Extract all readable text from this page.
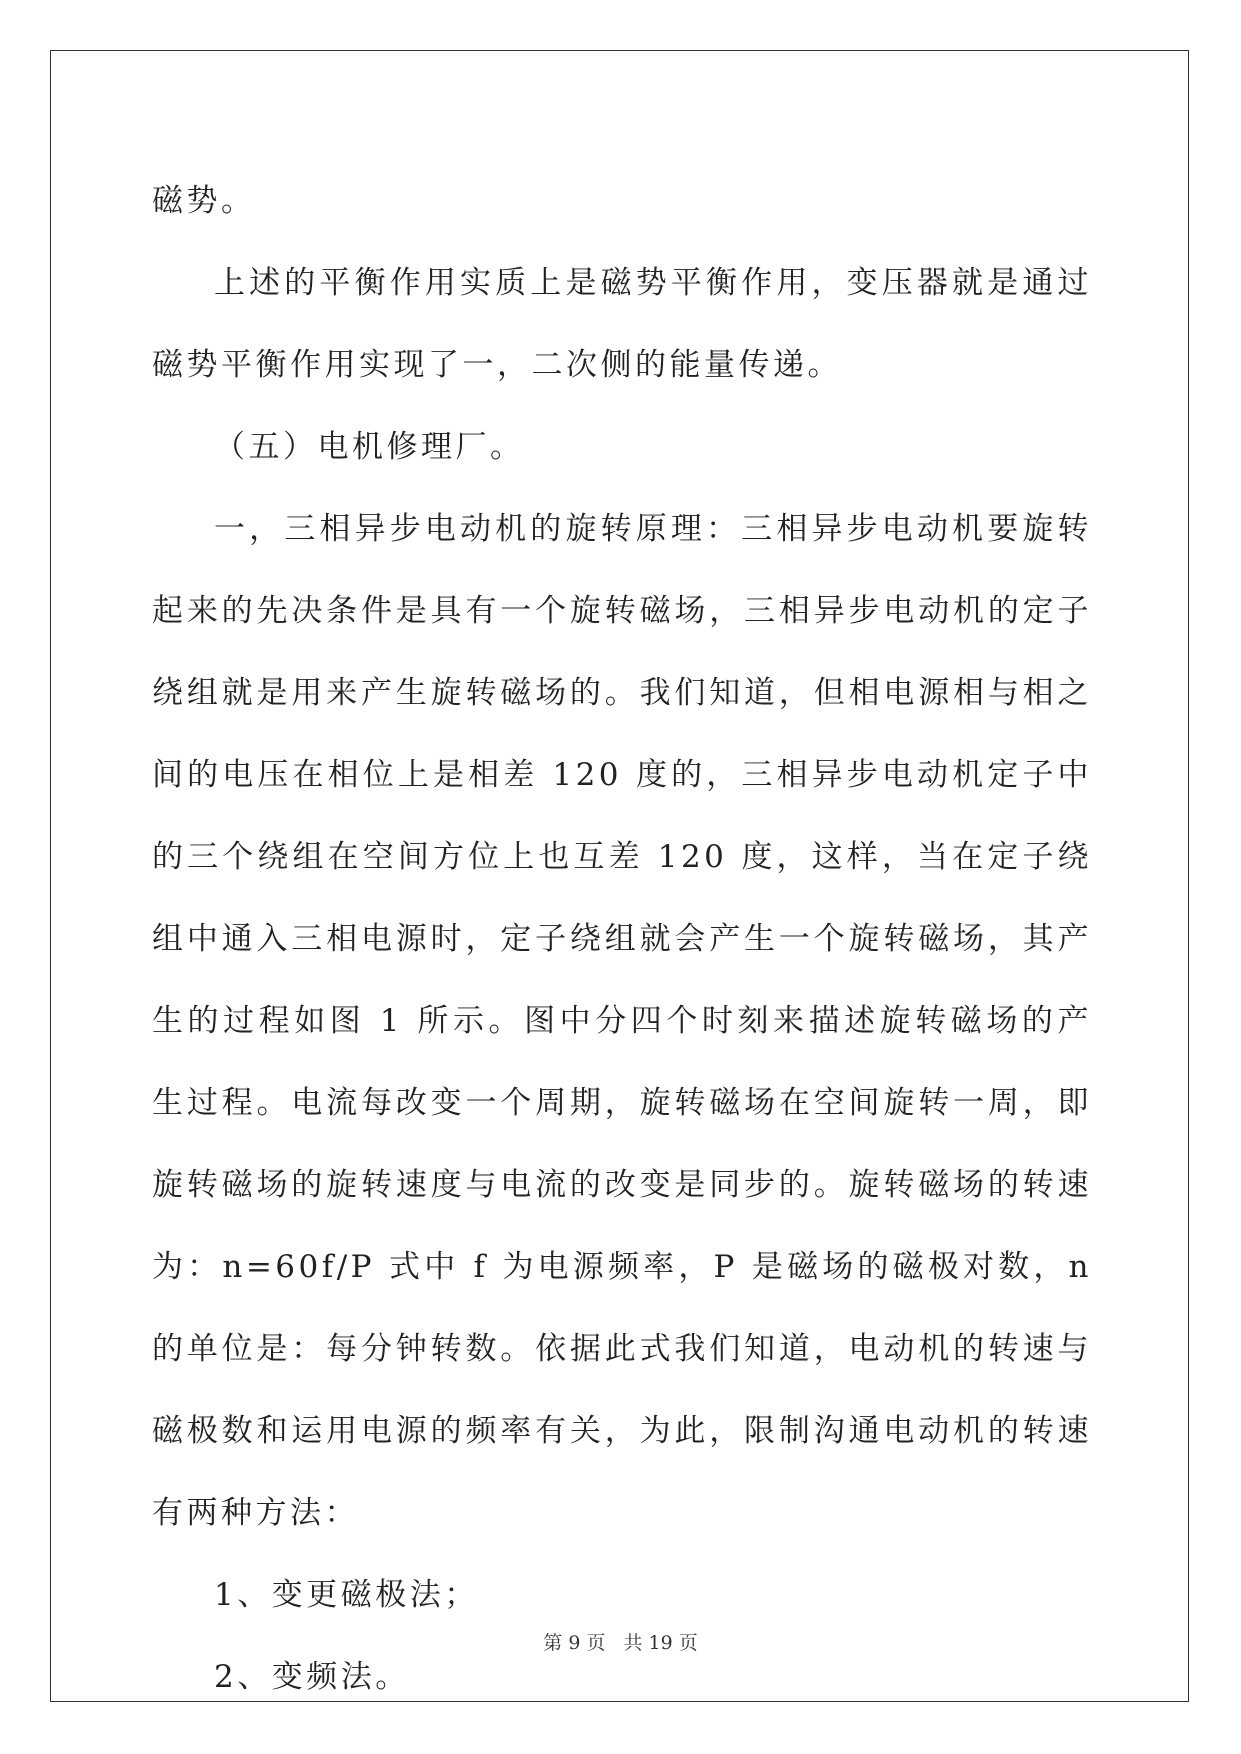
磁势。

上述的平衡作用实质上是磁势平衡作用，变压器就是通过磁势平衡作用实现了一，二次侧的能量传递。

（五）电机修理厂。

一，三相异步电动机的旋转原理：三相异步电动机要旋转起来的先决条件是具有一个旋转磁场，三相异步电动机的定子绕组就是用来产生旋转磁场的。我们知道，但相电源相与相之间的电压在相位上是相差 120 度的，三相异步电动机定子中的三个绕组在空间方位上也互差 120 度，这样，当在定子绕组中通入三相电源时，定子绕组就会产生一个旋转磁场，其产生的过程如图 1 所示。图中分四个时刻来描述旋转磁场的产生过程。电流每改变一个周期，旋转磁场在空间旋转一周，即旋转磁场的旋转速度与电流的改变是同步的。旋转磁场的转速为：n=60f/P 式中 f 为电源频率，P 是磁场的磁极对数，n 的单位是：每分钟转数。依据此式我们知道，电动机的转速与磁极数和运用电源的频率有关，为此，限制沟通电动机的转速有两种方法：

1、变更磁极法；

2、变频法。

第 9 页 共 19 页
